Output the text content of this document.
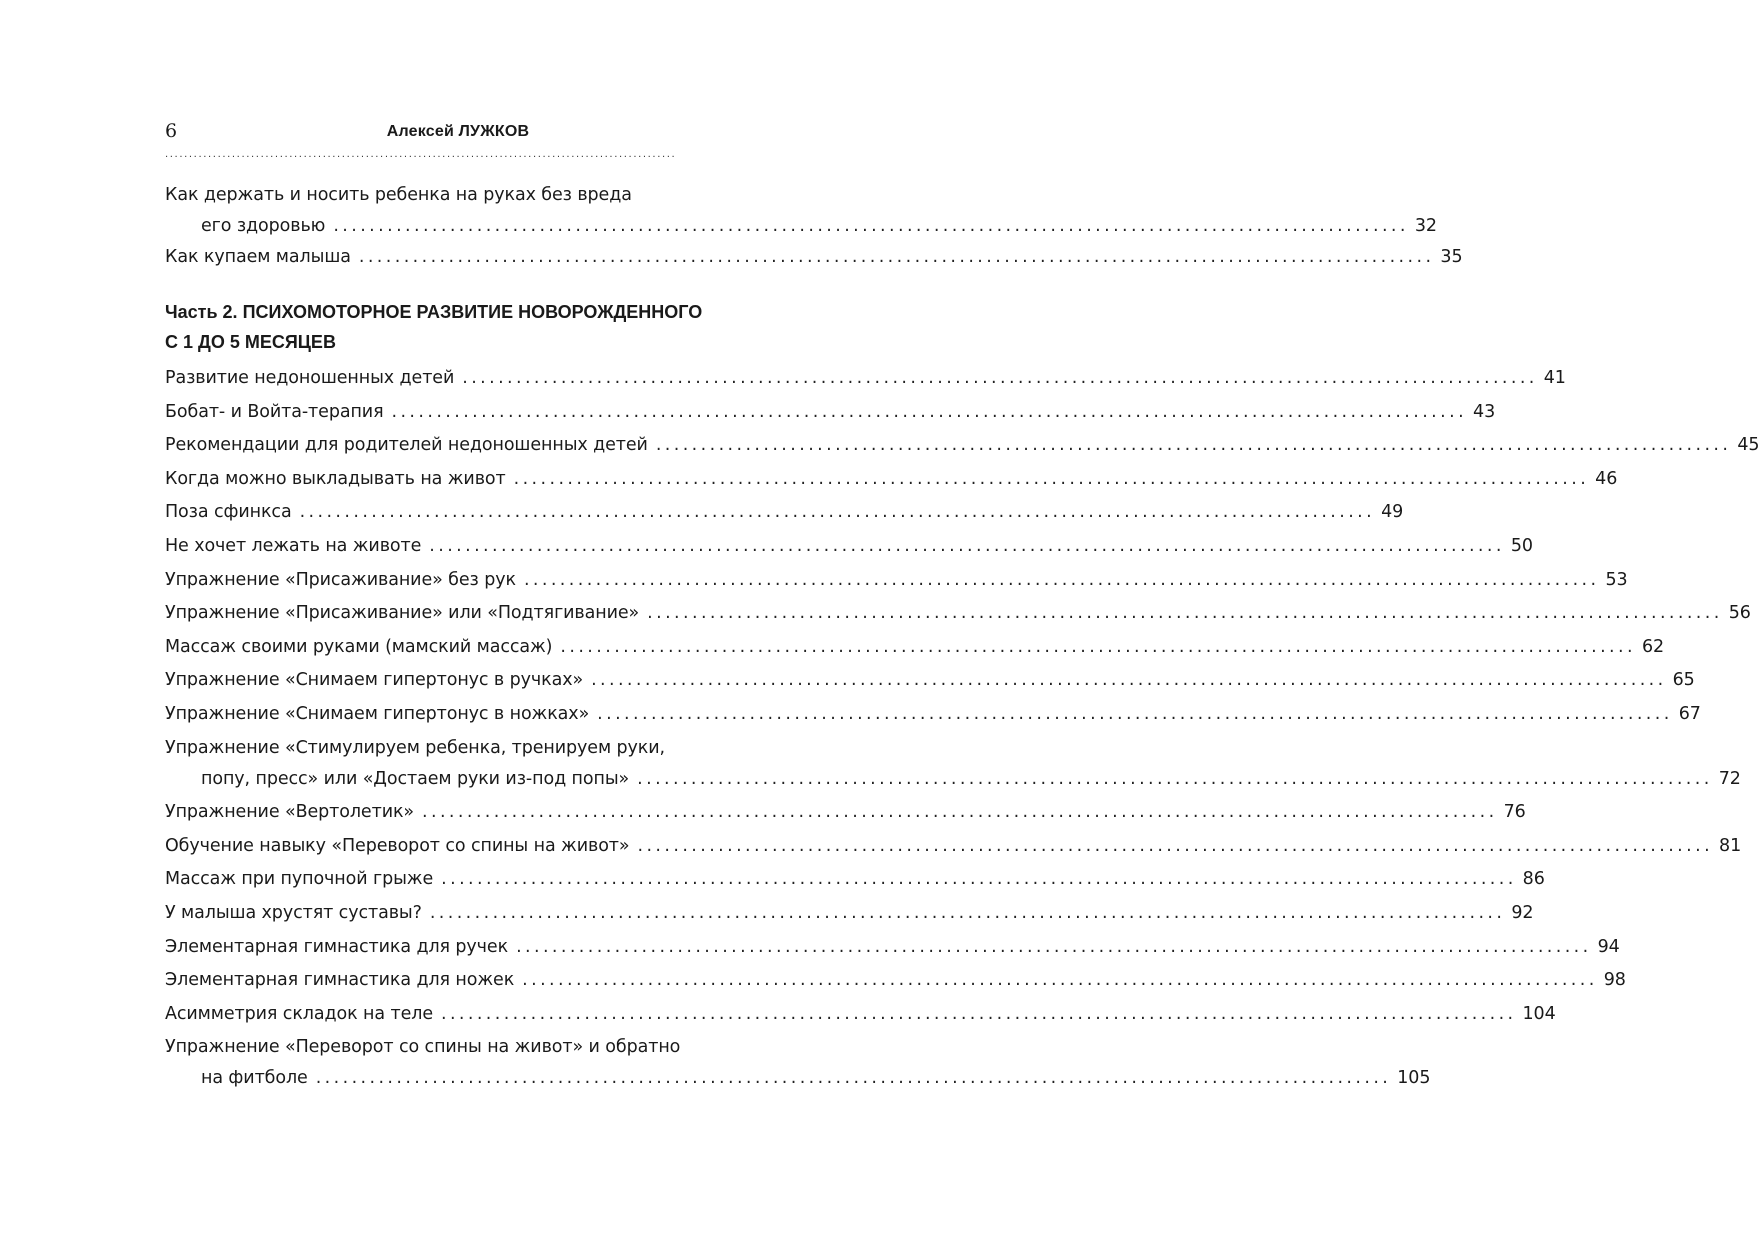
6	Алексей ЛУЖКОВ
...........................................................................................................
Как держать и носить ребенка на руках без вреда
его здоровью ........................................................................................................................ 32
Как купаем малыша ........................................................................................................................ 35
Часть 2. ПСИХОМОТОРНОЕ РАЗВИТИЕ НОВОРОЖДЕННОГО
С 1 ДО 5 МЕСЯЦЕВ
Развитие недоношенных детей ........................................................................................................................ 41
Бобат- и Войта-терапия ........................................................................................................................ 43
Рекомендации для родителей недоношенных детей ........................................................................................................................ 45
Когда можно выкладывать на живот ........................................................................................................................ 46
Поза сфинкса ........................................................................................................................ 49
Не хочет лежать на животе ........................................................................................................................ 50
Упражнение «Присаживание» без рук ........................................................................................................................ 53
Упражнение «Присаживание» или «Подтягивание» ........................................................................................................................ 56
Массаж своими руками (мамский массаж) ........................................................................................................................ 62
Упражнение «Снимаем гипертонус в ручках» ........................................................................................................................ 65
Упражнение «Снимаем гипертонус в ножках» ........................................................................................................................ 67
Упражнение «Стимулируем ребенка, тренируем руки,
попу, пресс» или «Достаем руки из-под попы» ........................................................................................................................ 72
Упражнение «Вертолетик» ........................................................................................................................ 76
Обучение навыку «Переворот со спины на живот» ........................................................................................................................ 81
Массаж при пупочной грыже ........................................................................................................................ 86
У малыша хрустят суставы? ........................................................................................................................ 92
Элементарная гимнастика для ручек ........................................................................................................................ 94
Элементарная гимнастика для ножек ........................................................................................................................ 98
Асимметрия складок на теле ........................................................................................................................ 104
Упражнение «Переворот со спины на живот» и обратно
на фитболе ........................................................................................................................ 105
